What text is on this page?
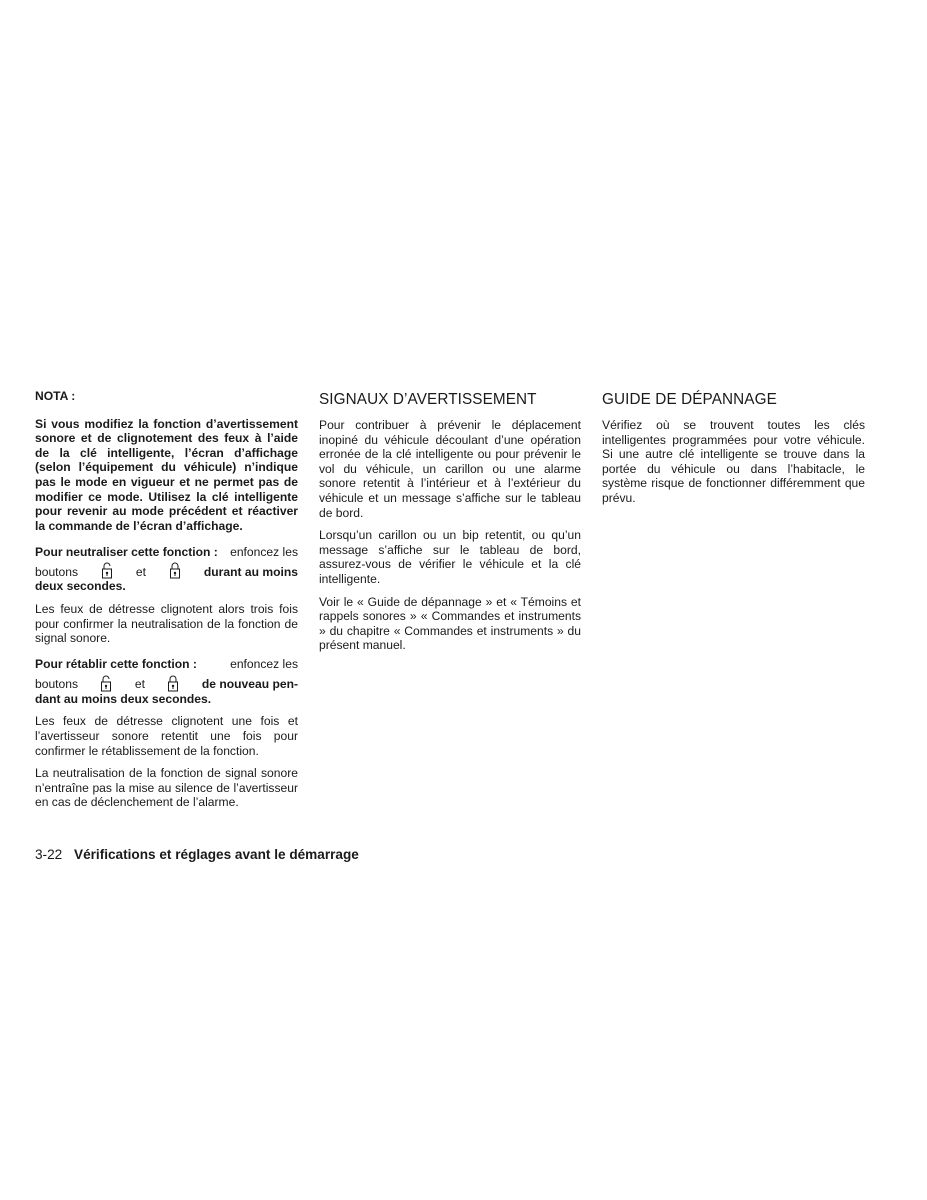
NOTA :

Si vous modifiez la fonction d’avertissement sonore et de clignotement des feux à l’aide de la clé intelligente, l’écran d’affichage (selon l’équipement du véhicule) n’indique pas le mode en vigueur et ne permet pas de modifier ce mode. Utilisez la clé intelligente pour revenir au mode précédent et réactiver la commande de l’écran d’affichage.

Pour neutraliser cette fonction : enfoncez les
boutons	et	durant au moins
deux secondes.

Les feux de détresse clignotent alors trois fois pour confirmer la neutralisation de la fonction de signal sonore.

Pour rétablir cette fonction :	enfoncez les
boutons	et	de nouveau pen-
dant au moins deux secondes.

Les feux de détresse clignotent une fois et l’avertisseur sonore retentit une fois pour confirmer le rétablissement de la fonction.

La neutralisation de la fonction de signal sonore n’entraîne pas la mise au silence de l’avertisseur en cas de déclenchement de l’alarme.

SIGNAUX D’AVERTISSEMENT

Pour contribuer à prévenir le déplacement inopiné du véhicule découlant d’une opération erronée de la clé intelligente ou pour prévenir le vol du véhicule, un carillon ou une alarme sonore retentit à l’intérieur et à l’extérieur du véhicule et un message s’affiche sur le tableau de bord.

Lorsqu’un carillon ou un bip retentit, ou qu’un message s’affiche sur le tableau de bord, assurez-vous de vérifier le véhicule et la clé intelligente.

Voir le « Guide de dépannage » et « Témoins et rappels sonores » « Commandes et instruments » du chapitre « Commandes et instruments » du présent manuel.

GUIDE DE DÉPANNAGE

Vérifiez où se trouvent toutes les clés intelligentes programmées pour votre véhicule. Si une autre clé intelligente se trouve dans la portée du véhicule ou dans l’habitacle, le système risque de fonctionner différemment que prévu.

3-22 Vérifications et réglages avant le démarrage
